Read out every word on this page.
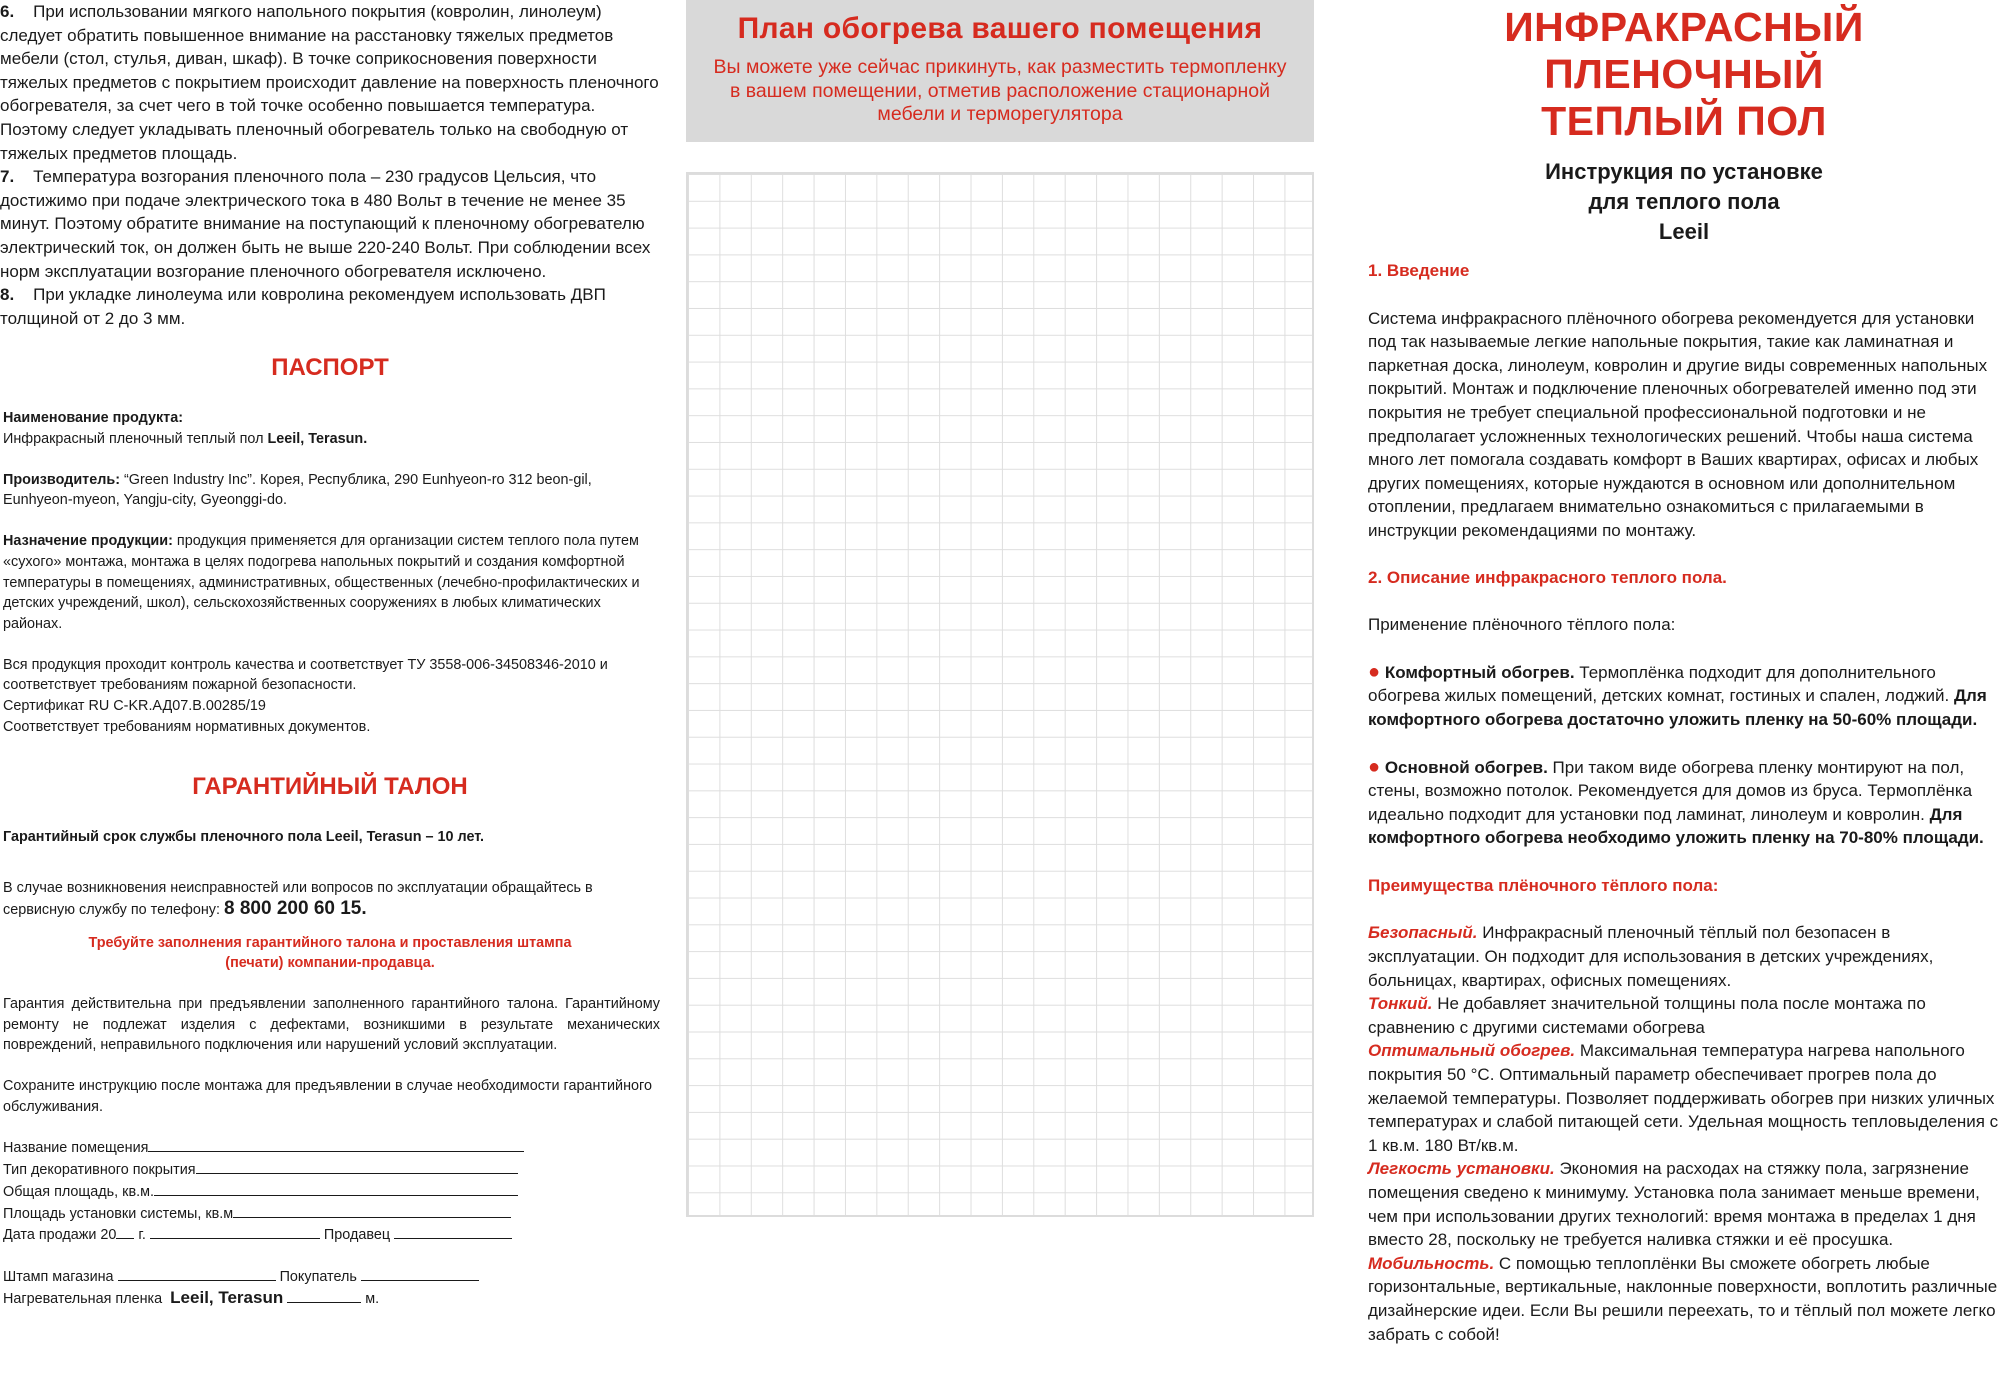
6. При использовании мягкого напольного покрытия (ковролин, линолеум) следует обратить повышенное внимание на расстановку тяжелых предметов мебели (стол, стулья, диван, шкаф). В точке соприкосновения поверхности тяжелых предметов с покрытием происходит давление на поверхность пленочного обогревателя, за счет чего в той точке особенно повышается температура. Поэтому следует укладывать пленочный обогреватель только на свободную от тяжелых предметов площадь.

7. Температура возгорания пленочного пола – 230 градусов Цельсия, что достижимо при подаче электрического тока в 480 Вольт в течение не менее 35 минут. Поэтому обратите внимание на поступающий к пленочному обогревателю электрический ток, он должен быть не выше 220-240 Вольт. При соблюдении всех норм эксплуатации возгорание пленочного обогревателя исключено.

8. При укладке линолеума или ковролина рекомендуем использовать ДВП толщиной от 2 до 3 мм.

ПАСПОРТ

Наименование продукта:

Инфракрасный пленочный теплый пол Leeil, Terasun.

Производитель: “Green Industry Inc”. Корея, Республика, 290 Eunhyeon-ro 312 beon-gil, Eunhyeon-myeon, Yangju-city, Gyeonggi-do.

Назначение продукции: продукция применяется для организации систем теплого пола путем «сухого» монтажа, монтажа в целях подогрева напольных покрытий и создания комфортной температуры в помещениях, административных, общественных (лечебно-профилактических и детских учреждений, школ), сельскохозяйственных сооружениях в любых климатических районах.

Вся продукция проходит контроль качества и соответствует ТУ 3558-006-34508346-2010 и соответствует требованиям пожарной безопасности.

Сертификат RU C-KR.АД07.В.00285/19

Соответствует требованиям нормативных документов.

ГАРАНТИЙНЫЙ ТАЛОН

Гарантийный срок службы пленочного пола Leeil, Terasun – 10 лет.

В случае возникновения неисправностей или вопросов по эксплуатации обращайтесь в сервисную службу по телефону: 8 800 200 60 15.

Требуйте заполнения гарантийного талона и проставления штампа (печати) компании-продавца.

Гарантия действительна при предъявлении заполненного гарантийного талона. Гарантийному ремонту не подлежат изделия с дефектами, возникшими в результате механических повреждений, неправильного подключения или нарушений условий эксплуатации.

Сохраните инструкцию после монтажа для предъявлении в случае необходимости гарантийного обслуживания.

Название помещения

Тип декоративного покрытия

Общая площадь, кв.м.

Площадь установки системы, кв.м

Дата продажи 20 г.	Продавец

Штамп магазина	Покупатель

Нагревательная пленка Leeil, Terasun	м.

План обогрева вашего помещения
Вы можете уже сейчас прикинуть, как разместить термопленку в вашем помещении, отметив расположение стационарной мебели и терморегулятора
ИНФРАКРАСНЫЙ ПЛЕНОЧНЫЙ
ТЕПЛЫЙ ПОЛ
Инструкция по установке
для теплого пола
Leeil

1. Введение

Система инфракрасного плёночного обогрева рекомендуется для установки под так называемые легкие напольные покрытия, такие как ламинатная и паркетная доска, линолеум, ковролин и другие виды современных напольных покрытий. Монтаж и подключение пленочных обогревателей именно под эти покрытия не требует специальной профессиональной подготовки и не предполагает усложненных технологических решений. Чтобы наша система много лет помогала создавать комфорт в Ваших квартирах, офисах и любых других помещениях, которые нуждаются в основном или дополнительном отоплении, предлагаем внимательно ознакомиться с прилагаемыми в инструкции рекомендациями по монтажу.

2. Описание инфракрасного теплого пола.

Применение плёночного тёплого пола:

● Комфортный обогрев. Термоплёнка подходит для дополнительного обогрева жилых помещений, детских комнат, гостиных и спален, лоджий. Для комфортного обогрева достаточно уложить пленку на 50-60% площади.

● Основной обогрев. При таком виде обогрева пленку монтируют на пол, стены, возможно потолок. Рекомендуется для домов из бруса. Термоплёнка идеально подходит для установки под ламинат, линолеум и ковролин. Для комфортного обогрева необходимо уложить пленку на 70-80% площади.

Преимущества плёночного тёплого пола:

Безопасный. Инфракрасный пленочный тёплый пол безопасен в эксплуатации. Он подходит для использования в детских учреждениях, больницах, квартирах, офисных помещениях.

Тонкий. Не добавляет значительной толщины пола после монтажа по сравнению с другими системами обогрева

Оптимальный обогрев. Максимальная температура нагрева напольного покрытия 50 °С. Оптимальный параметр обеспечивает прогрев пола до желаемой температуры. Позволяет поддерживать обогрев при низких уличных температурах и слабой питающей сети. Удельная мощность тепловыделения с 1 кв.м. 180 Вт/кв.м.

Легкость установки. Экономия на расходах на стяжку пола, загрязнение помещения сведено к минимуму. Установка пола занимает меньше времени, чем при использовании других технологий: время монтажа в пределах 1 дня вместо 28, поскольку не требуется наливка стяжки и её просушка.

Мобильность. С помощью теплоплёнки Вы сможете обогреть любые горизонтальные, вертикальные, наклонные поверхности, воплотить различные дизайнерские идеи. Если Вы решили переехать, то и тёплый пол можете легко забрать с собой!
